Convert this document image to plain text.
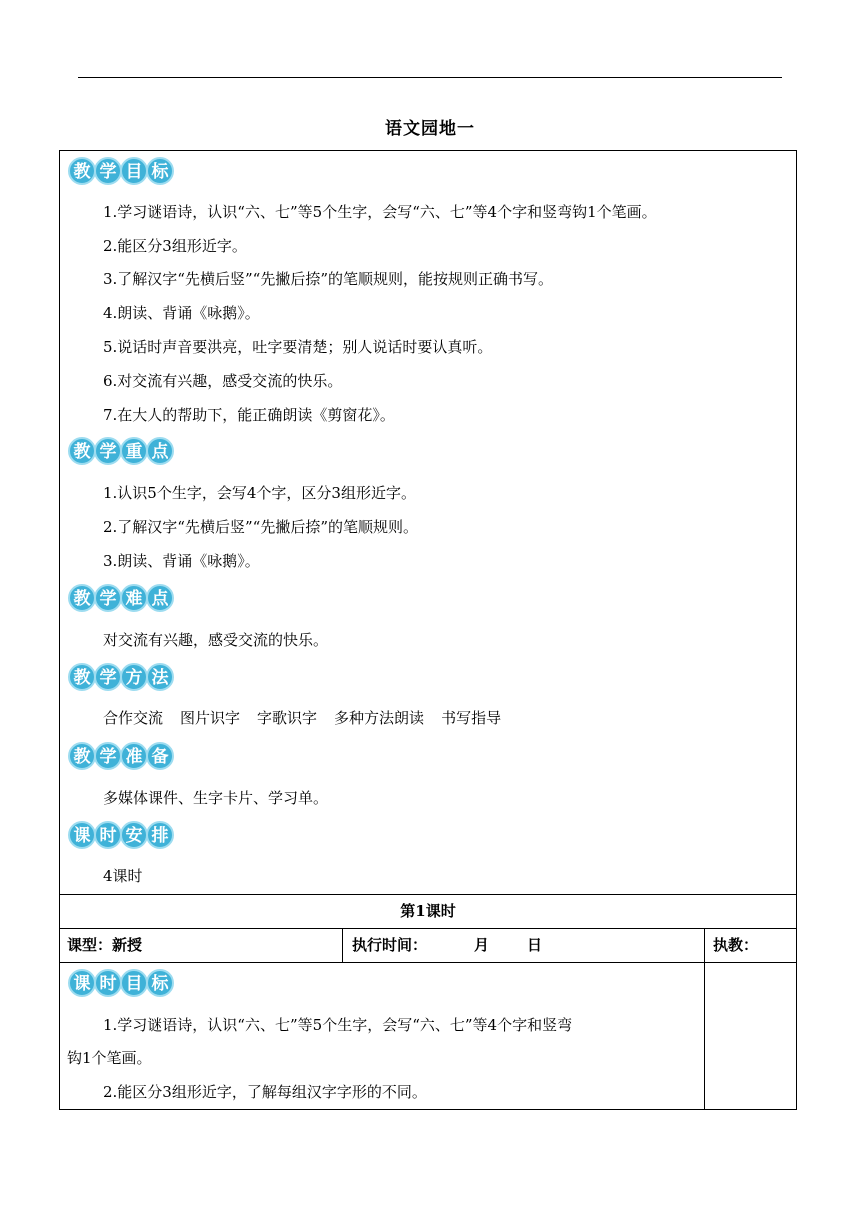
语文园地一
教 学 目 标
1.学习谜语诗，认识“六、七”等5个生字，会写“六、七”等4个字和竖弯钩1个笔画。
2.能区分3组形近字。
3.了解汉字“先横后竖”“先撇后捺”的笔顺规则，能按规则正确书写。
4.朗读、背诵《咏鹅》。
5.说话时声音要洪亮，吐字要清楚；别人说话时要认真听。
6.对交流有兴趣，感受交流的快乐。
7.在大人的帮助下，能正确朗读《剪窗花》。
教 学 重 点
1.认识5个生字，会写4个字，区分3组形近字。
2.了解汉字“先横后竖”“先撇后捺”的笔顺规则。
3.朗读、背诵《咏鹅》。
教 学 难 点
对交流有兴趣，感受交流的快乐。
教 学 方 法
合作交流 图片识字 字歌识字 多种方法朗读 书写指导
教 学 准 备
多媒体课件、生字卡片、学习单。
课 时 安 排
4课时
第1课时
课型：新授	执行时间：	月	日	执教：
课 时 目 标
1.学习谜语诗，认识“六、七”等5个生字，会写“六、七”等4个字和竖弯
钩1个笔画。
2.能区分3组形近字，了解每组汉字字形的不同。
